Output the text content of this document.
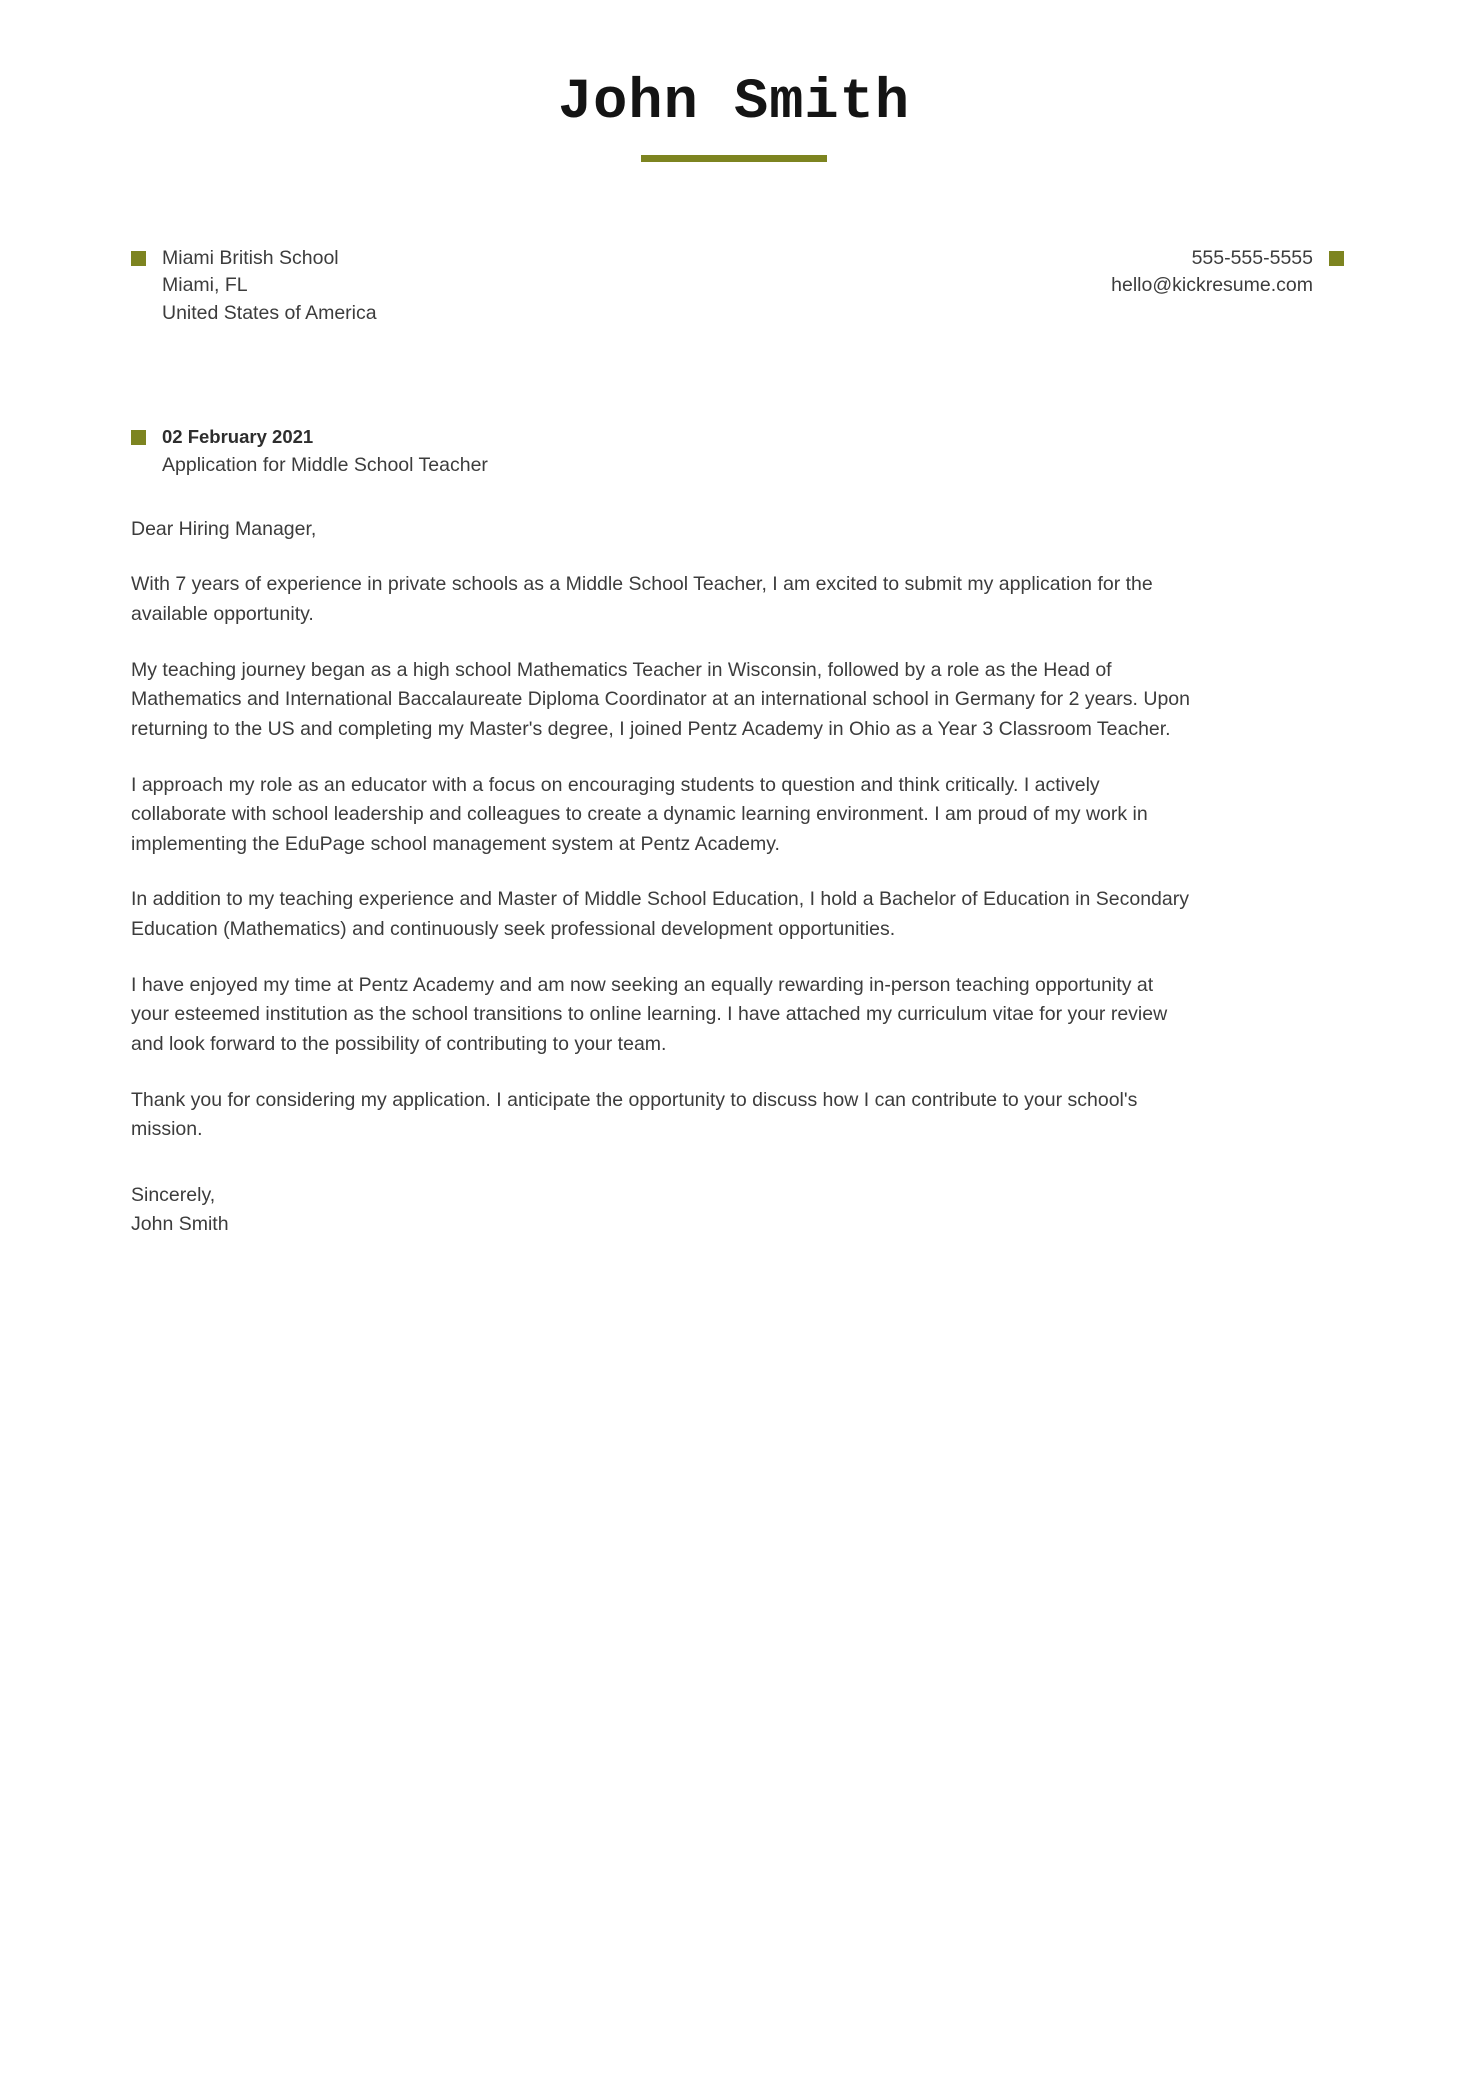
John Smith
Miami British School
Miami, FL
United States of America
555-555-5555
hello@kickresume.com
02 February 2021
Application for Middle School Teacher

Dear Hiring Manager,

With 7 years of experience in private schools as a Middle School Teacher, I am excited to submit my application for the available opportunity.

My teaching journey began as a high school Mathematics Teacher in Wisconsin, followed by a role as the Head of Mathematics and International Baccalaureate Diploma Coordinator at an international school in Germany for 2 years. Upon returning to the US and completing my Master's degree, I joined Pentz Academy in Ohio as a Year 3 Classroom Teacher.

I approach my role as an educator with a focus on encouraging students to question and think critically. I actively collaborate with school leadership and colleagues to create a dynamic learning environment. I am proud of my work in implementing the EduPage school management system at Pentz Academy.

In addition to my teaching experience and Master of Middle School Education, I hold a Bachelor of Education in Secondary Education (Mathematics) and continuously seek professional development opportunities.

I have enjoyed my time at Pentz Academy and am now seeking an equally rewarding in-person teaching opportunity at your esteemed institution as the school transitions to online learning. I have attached my curriculum vitae for your review and look forward to the possibility of contributing to your team.

Thank you for considering my application. I anticipate the opportunity to discuss how I can contribute to your school's mission.

Sincerely,
John Smith
